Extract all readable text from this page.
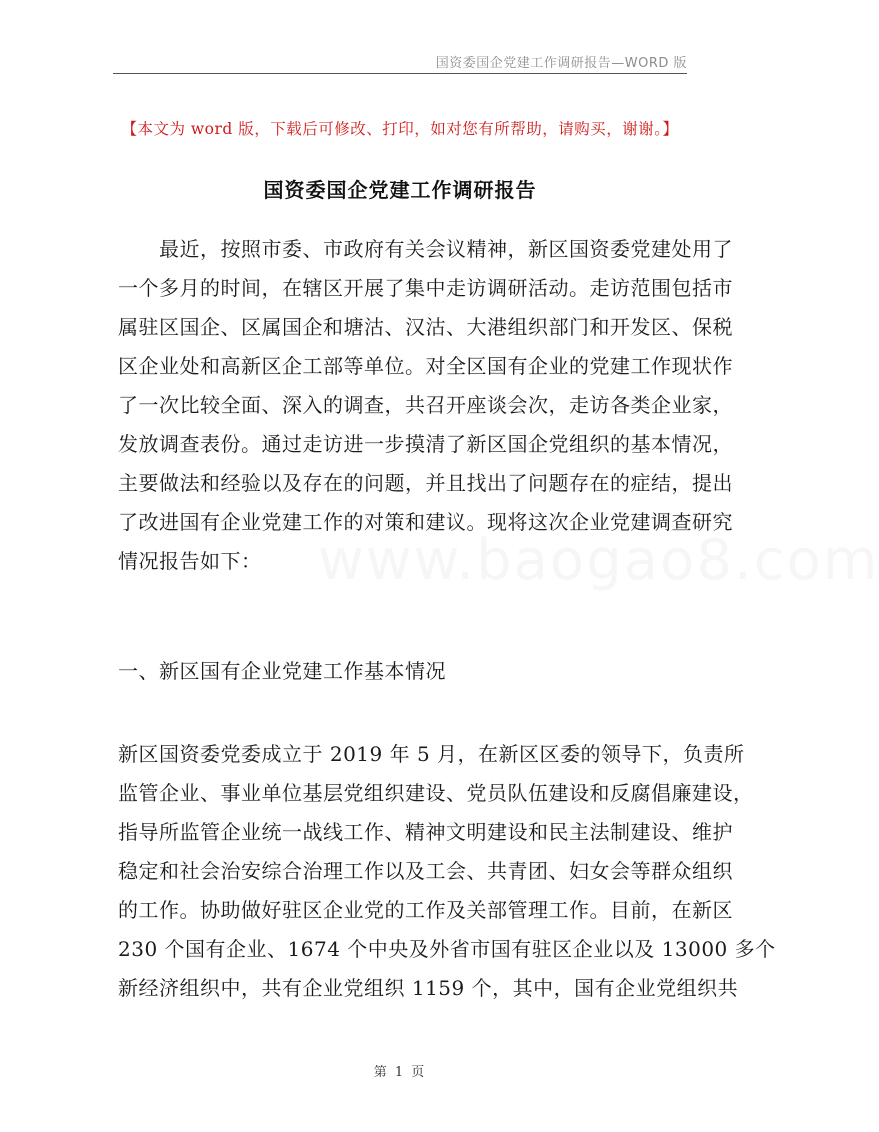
国资委国企党建工作调研报告—WORD 版
【本文为 word 版，下载后可修改、打印，如对您有所帮助，请购买，谢谢。】
国资委国企党建工作调研报告
　　最近，按照市委、市政府有关会议精神，新区国资委党建处用了
一个多月的时间，在辖区开展了集中走访调研活动。走访范围包括市
属驻区国企、区属国企和塘沽、汉沽、大港组织部门和开发区、保税
区企业处和高新区企工部等单位。对全区国有企业的党建工作现状作
了一次比较全面、深入的调查，共召开座谈会次，走访各类企业家，
发放调查表份。通过走访进一步摸清了新区国企党组织的基本情况，
主要做法和经验以及存在的问题，并且找出了问题存在的症结，提出
了改进国有企业党建工作的对策和建议。现将这次企业党建调查研究
情况报告如下：
一、新区国有企业党建工作基本情况
新区国资委党委成立于 2019 年 5 月，在新区区委的领导下，负责所
监管企业、事业单位基层党组织建设、党员队伍建设和反腐倡廉建设，
指导所监管企业统一战线工作、精神文明建设和民主法制建设、维护
稳定和社会治安综合治理工作以及工会、共青团、妇女会等群众组织
的工作。协助做好驻区企业党的工作及关部管理工作。目前，在新区
230 个国有企业、1674 个中央及外省市国有驻区企业以及 13000 多个
新经济组织中，共有企业党组织 1159 个，其中，国有企业党组织共
第 1 页
